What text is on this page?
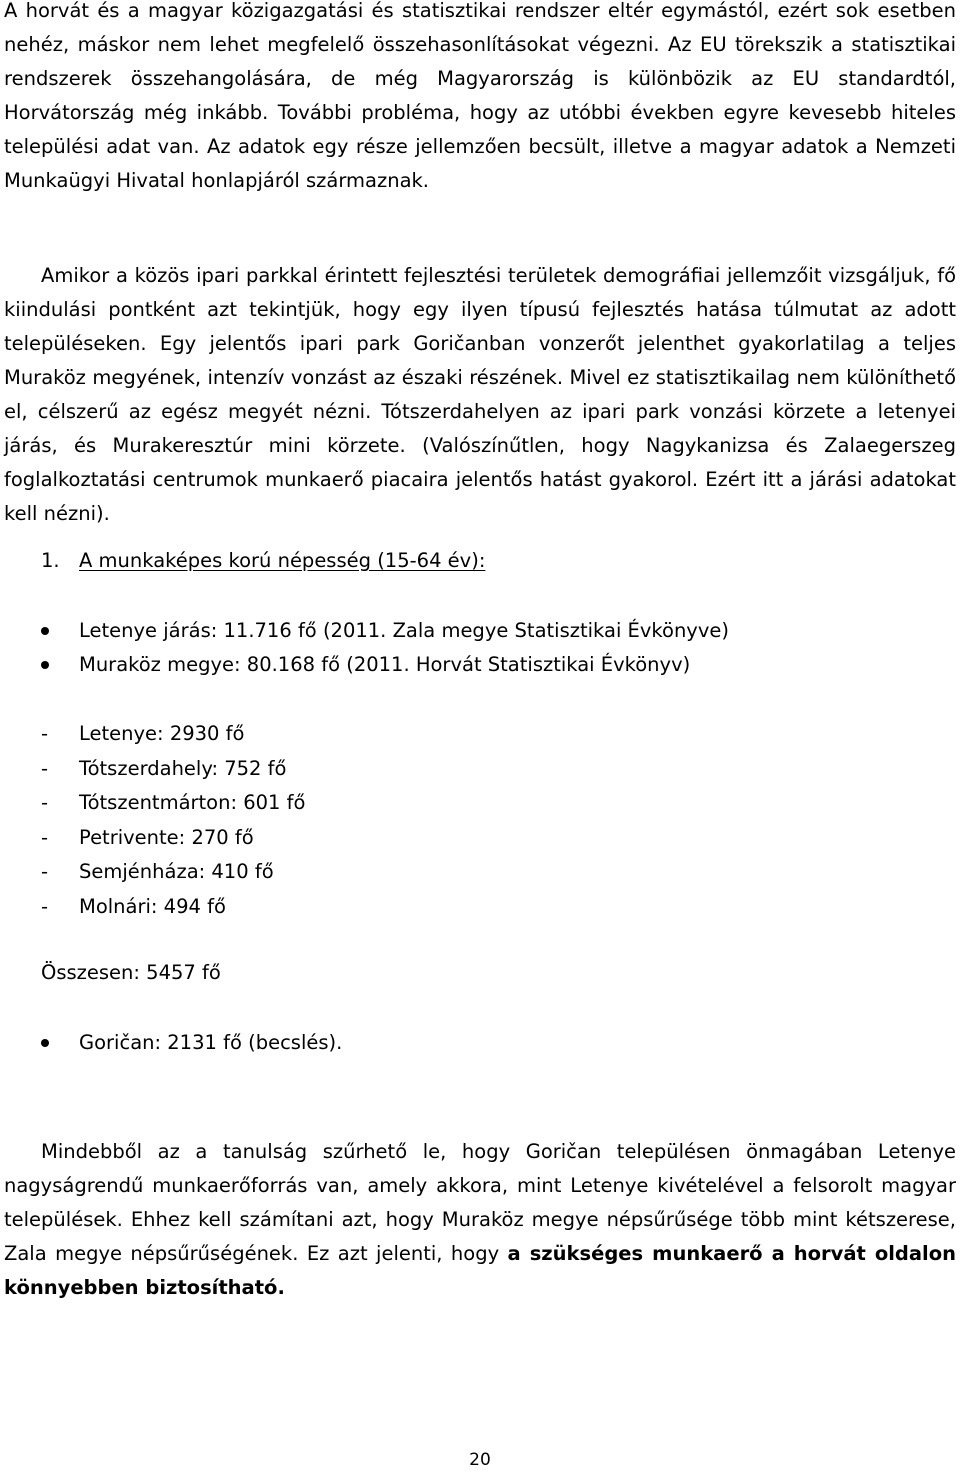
A horvát és a magyar közigazgatási és statisztikai rendszer eltér egymástól, ezért sok esetben nehéz, máskor nem lehet megfelelő összehasonlításokat végezni. Az EU törekszik a statisztikai rendszerek összehangolására, de még Magyarország is különbözik az EU standardtól, Horvátország még inkább. További probléma, hogy az utóbbi években egyre kevesebb hiteles települési adat van. Az adatok egy része jellemzően becsült, illetve a magyar adatok a Nemzeti Munkaügyi Hivatal honlapjáról származnak.

Amikor a közös ipari parkkal érintett fejlesztési területek demográfiai jellemzőit vizsgáljuk, fő kiindulási pontként azt tekintjük, hogy egy ilyen típusú fejlesztés hatása túlmutat az adott településeken. Egy jelentős ipari park Goričanban vonzerőt jelenthet gyakorlatilag a teljes Muraköz megyének, intenzív vonzást az északi részének. Mivel ez statisztikailag nem különíthető el, célszerű az egész megyét nézni. Tótszerdahelyen az ipari park vonzási körzete a letenyei járás, és Murakeresztúr mini körzete. (Valószínűtlen, hogy Nagykanizsa és Zalaegerszeg foglalkoztatási centrumok munkaerő piacaira jelentős hatást gyakorol. Ezért itt a járási adatokat kell nézni).

1. A munkaképes korú népesség (15-64 év):

Letenye járás: 11.716 fő (2011. Zala megye Statisztikai Évkönyve)
Muraköz megye: 80.168 fő (2011. Horvát Statisztikai Évkönyv)
- Letenye: 2930 fő
- Tótszerdahely: 752 fő
- Tótszentmárton: 601 fő
- Petrivente: 270 fő
- Semjénháza: 410 fő
- Molnári: 494 fő

Összesen: 5457 fő

Goričan: 2131 fő (becslés).

Mindebből az a tanulság szűrhető le, hogy Goričan településen önmagában Letenye nagyságrendű munkaerőforrás van, amely akkora, mint Letenye kivételével a felsorolt magyar települések. Ehhez kell számítani azt, hogy Muraköz megye népsűrűsége több mint kétszerese, Zala megye népsűrűségének. Ez azt jelenti, hogy a szükséges munkaerő a horvát oldalon könnyebben biztosítható.

20
